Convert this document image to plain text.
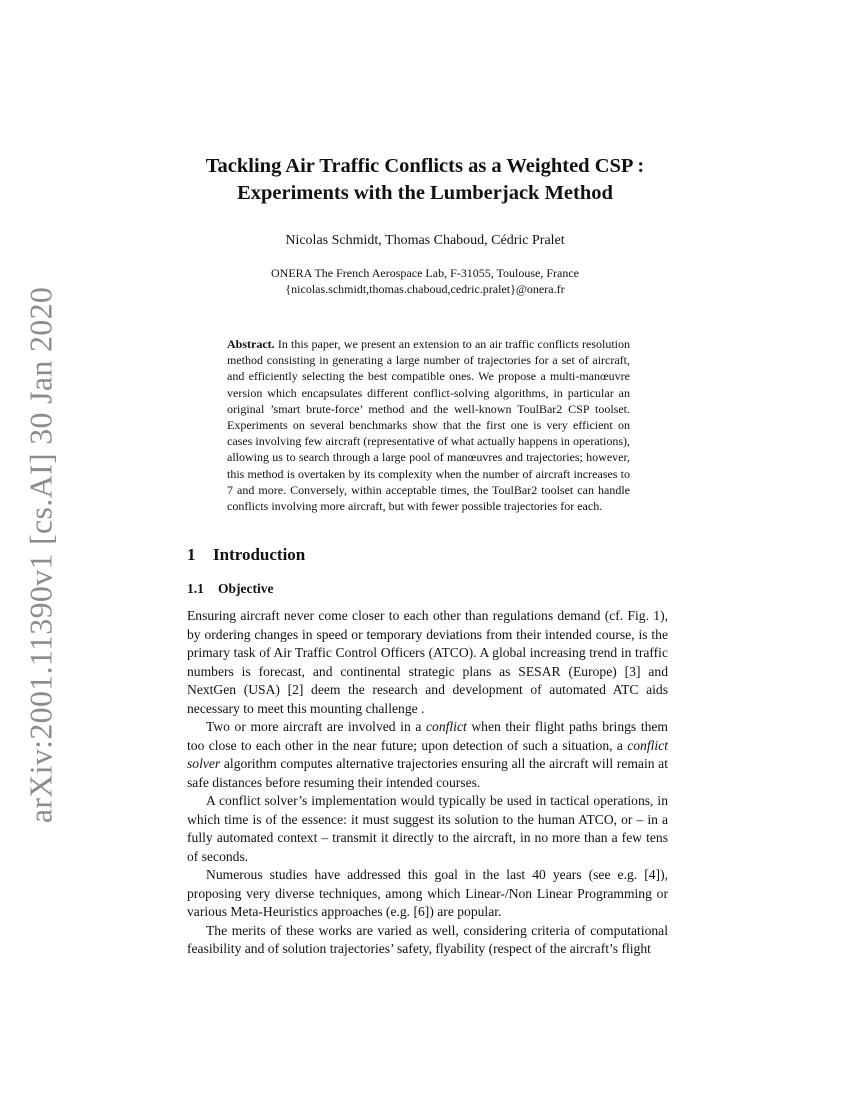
arXiv:2001.11390v1 [cs.AI] 30 Jan 2020
Tackling Air Traffic Conflicts as a Weighted CSP :
Experiments with the Lumberjack Method
Nicolas Schmidt, Thomas Chaboud, Cédric Pralet
ONERA The French Aerospace Lab, F-31055, Toulouse, France
{nicolas.schmidt,thomas.chaboud,cedric.pralet}@onera.fr

Abstract. In this paper, we present an extension to an air traffic conflicts resolution method consisting in generating a large number of trajectories for a set of aircraft, and efficiently selecting the best compatible ones. We propose a multi-manœuvre version which encapsulates different conflict-solving algorithms, in particular an original ’smart brute-force’ method and the well-known ToulBar2 CSP toolset. Experiments on several benchmarks show that the first one is very efficient on cases involving few aircraft (representative of what actually happens in operations), allowing us to search through a large pool of manœuvres and trajectories; however, this method is overtaken by its complexity when the number of aircraft increases to 7 and more. Conversely, within acceptable times, the ToulBar2 toolset can handle conflicts involving more aircraft, but with fewer possible trajectories for each.

1 Introduction
1.1 Objective

Ensuring aircraft never come closer to each other than regulations demand (cf. Fig. 1), by ordering changes in speed or temporary deviations from their intended course, is the primary task of Air Traffic Control Officers (ATCO). A global increasing trend in traffic numbers is forecast, and continental strategic plans as SESAR (Europe) [3] and NextGen (USA) [2] deem the research and development of automated ATC aids necessary to meet this mounting challenge .

Two or more aircraft are involved in a conflict when their flight paths brings them too close to each other in the near future; upon detection of such a situation, a conflict solver algorithm computes alternative trajectories ensuring all the aircraft will remain at safe distances before resuming their intended courses.

A conflict solver’s implementation would typically be used in tactical operations, in which time is of the essence: it must suggest its solution to the human ATCO, or – in a fully automated context – transmit it directly to the aircraft, in no more than a few tens of seconds.

Numerous studies have addressed this goal in the last 40 years (see e.g. [4]), proposing very diverse techniques, among which Linear-/Non Linear Programming or various Meta-Heuristics approaches (e.g. [6]) are popular.

The merits of these works are varied as well, considering criteria of computational feasibility and of solution trajectories’ safety, flyability (respect of the aircraft’s flight
